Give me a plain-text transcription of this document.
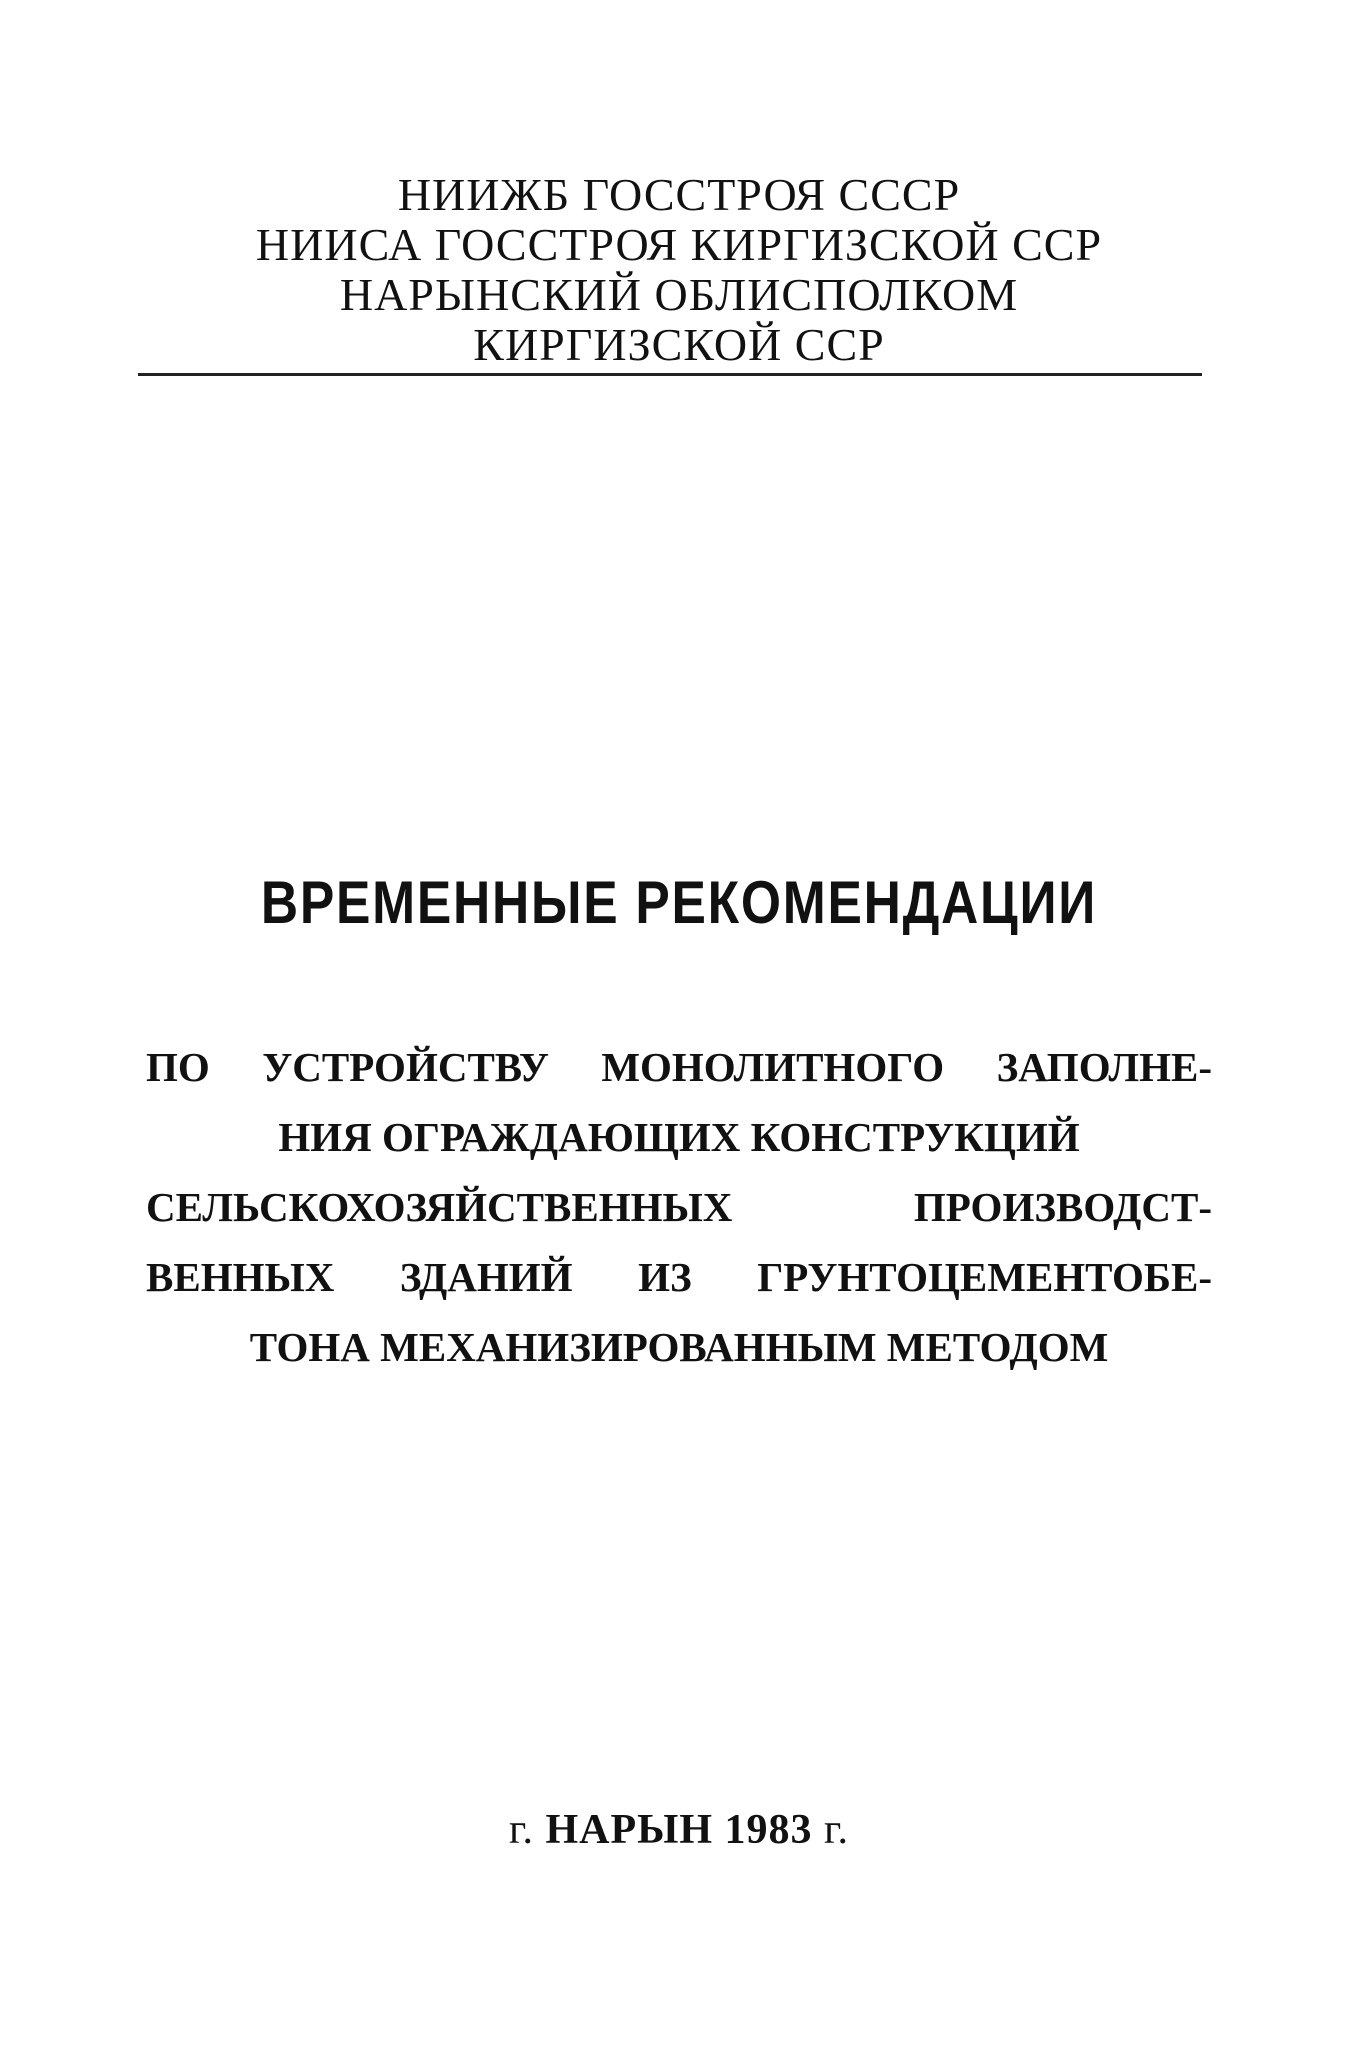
НИИЖБ ГОССТРОЯ СССР
НИИСА ГОССТРОЯ КИРГИЗСКОЙ ССР
НАРЫНСКИЙ ОБЛИСПОЛКОМ
КИРГИЗСКОЙ ССР
ВРЕМЕННЫЕ РЕКОМЕНДАЦИИ
ПО УСТРОЙСТВУ МОНОЛИТНОГО ЗАПОЛНЕ-
НИЯ ОГРАЖДАЮЩИХ КОНСТРУКЦИЙ
СЕЛЬСКОХОЗЯЙСТВЕННЫХ	ПРОИЗВОДСТ-
ВЕННЫХ ЗДАНИЙ ИЗ ГРУНТОЦЕМЕНТОБЕ-
ТОНА МЕХАНИЗИРОВАННЫМ МЕТОДОМ
г. НАРЫН 1983 г.
